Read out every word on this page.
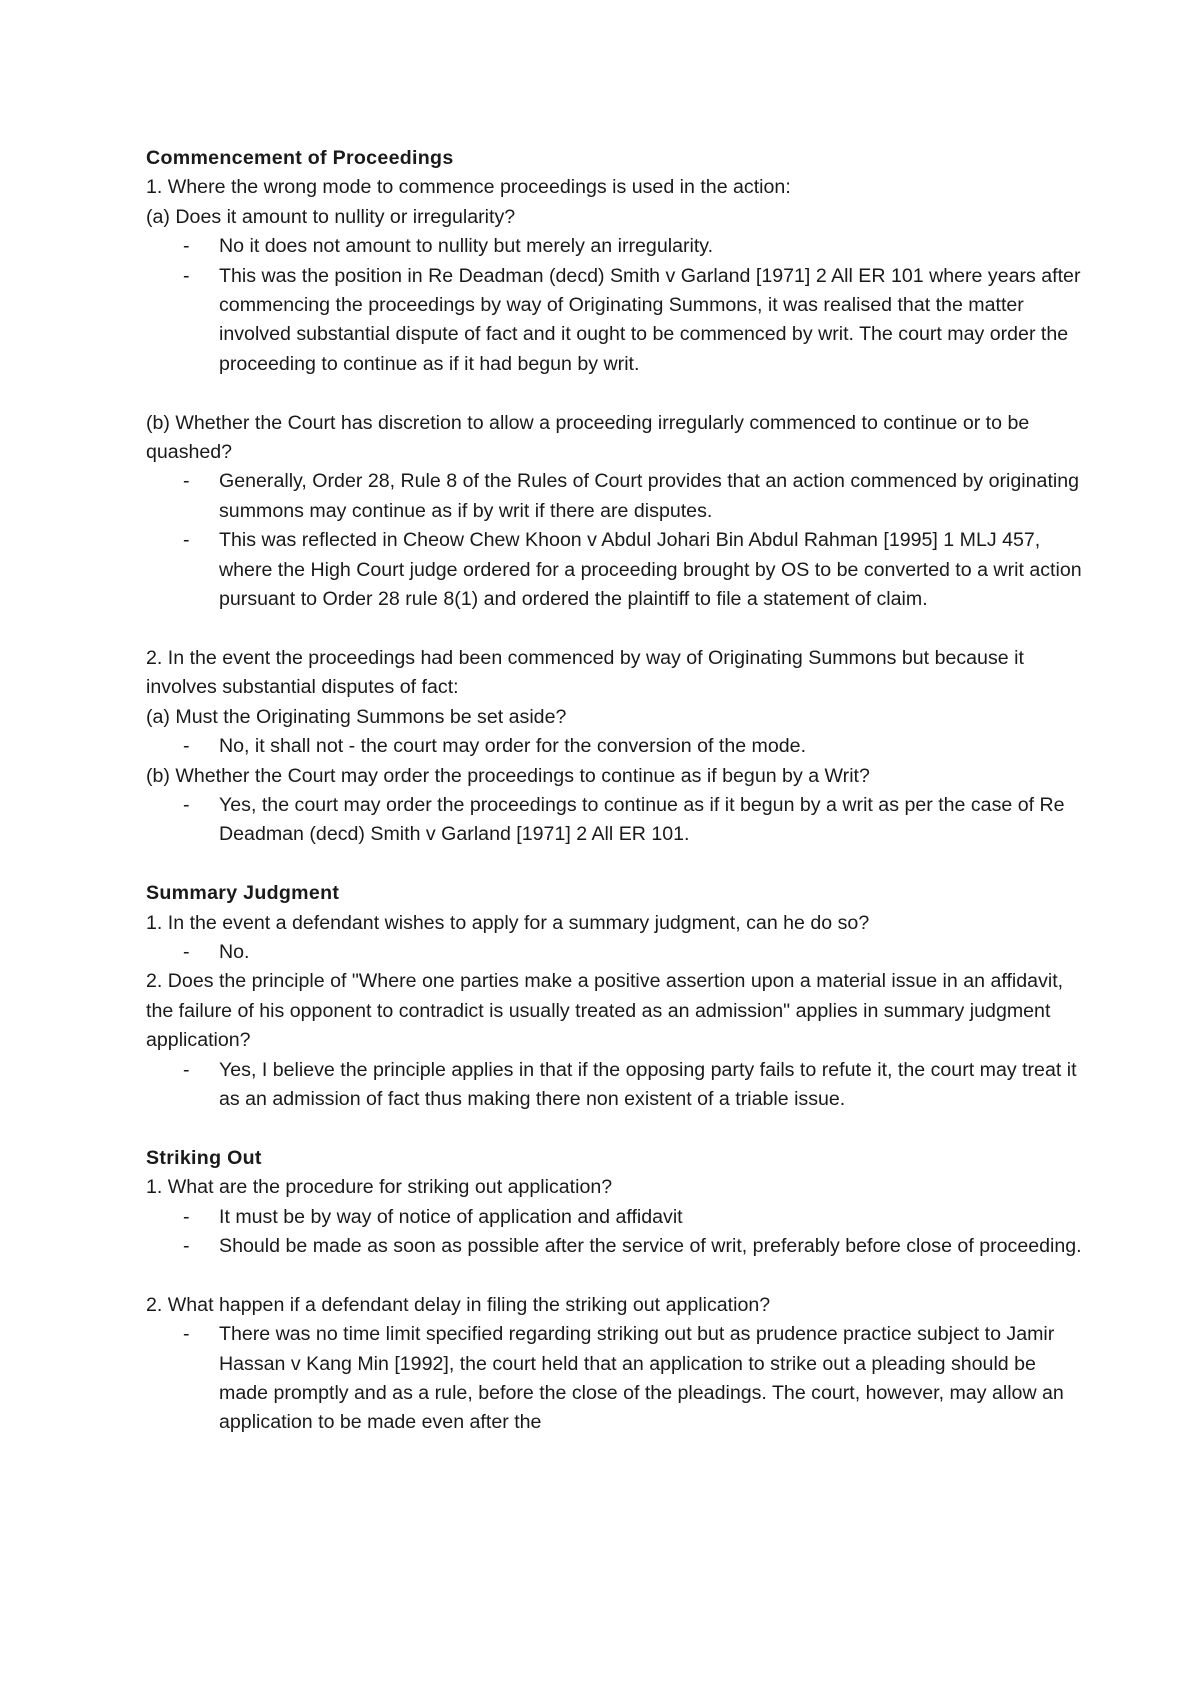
Commencement of Proceedings
1. Where the wrong mode to commence proceedings is used in the action:
(a) Does it amount to nullity or irregularity?
- No it does not amount to nullity but merely an irregularity.
- This was the position in Re Deadman (decd) Smith v Garland [1971] 2 All ER 101 where years after commencing the proceedings by way of Originating Summons, it was realised that the matter involved substantial dispute of fact and it ought to be commenced by writ. The court may order the proceeding to continue as if it had begun by writ.
(b) Whether the Court has discretion to allow a proceeding irregularly commenced to continue or to be quashed?
- Generally, Order 28, Rule 8 of the Rules of Court provides that an action commenced by originating summons may continue as if by writ if there are disputes.
- This was reflected in Cheow Chew Khoon v Abdul Johari Bin Abdul Rahman [1995] 1 MLJ 457, where the High Court judge ordered for a proceeding brought by OS to be converted to a writ action pursuant to Order 28 rule 8(1) and ordered the plaintiff to file a statement of claim.
2. In the event the proceedings had been commenced by way of Originating Summons but because it involves substantial disputes of fact:
(a) Must the Originating Summons be set aside?
- No, it shall not - the court may order for the conversion of the mode.
(b) Whether the Court may order the proceedings to continue as if begun by a Writ?
- Yes, the court may order the proceedings to continue as if it begun by a writ as per the case of Re Deadman (decd) Smith v Garland [1971] 2 All ER 101.
Summary Judgment
1. In the event a defendant wishes to apply for a summary judgment, can he do so?
- No.
2. Does the principle of "Where one parties make a positive assertion upon a material issue in an affidavit, the failure of his opponent to contradict is usually treated as an admission" applies in summary judgment application?
- Yes, I believe the principle applies in that if the opposing party fails to refute it, the court may treat it as an admission of fact thus making there non existent of a triable issue.
Striking Out
1. What are the procedure for striking out application?
- It must be by way of notice of application and affidavit
- Should be made as soon as possible after the service of writ, preferably before close of proceeding.
2. What happen if a defendant delay in filing the striking out application?
- There was no time limit specified regarding striking out but as prudence practice subject to Jamir Hassan v Kang Min [1992], the court held that an application to strike out a pleading should be made promptly and as a rule, before the close of the pleadings. The court, however, may allow an application to be made even after the
